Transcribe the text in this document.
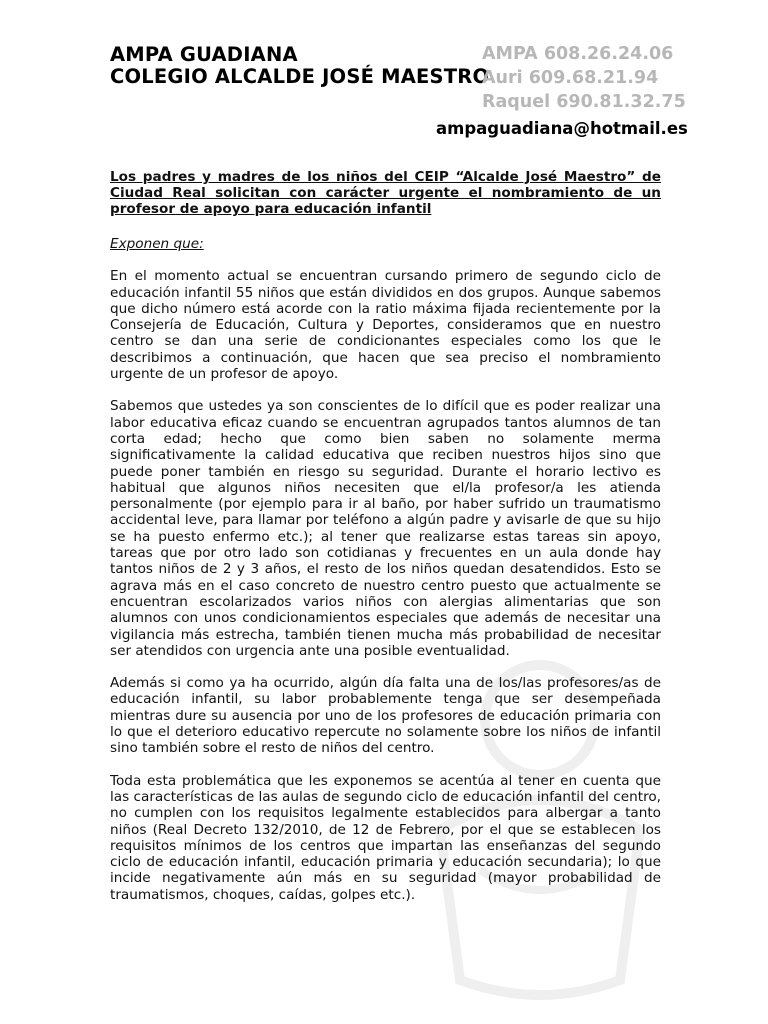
AMPA GUADIANA
COLEGIO ALCALDE JOSÉ MAESTRO
AMPA 608.26.24.06
Auri 609.68.21.94
Raquel 690.81.32.75
ampaguadiana@hotmail.es

Los padres y madres de los niños del CEIP “Alcalde José Maestro” de Ciudad Real solicitan con carácter urgente el nombramiento de un profesor de apoyo para educación infantil

Exponen que:

En el momento actual se encuentran cursando primero de segundo ciclo de educación infantil 55 niños que están divididos en dos grupos. Aunque sabemos que dicho número está acorde con la ratio máxima fijada recientemente por la Consejería de Educación, Cultura y Deportes, consideramos que en nuestro centro se dan una serie de condicionantes especiales como los que le describimos a continuación, que hacen que sea preciso el nombramiento urgente de un profesor de apoyo.

Sabemos que ustedes ya son conscientes de lo difícil que es poder realizar una labor educativa eficaz cuando se encuentran agrupados tantos alumnos de tan corta edad; hecho que como bien saben no solamente merma significativamente la calidad educativa que reciben nuestros hijos sino que puede poner también en riesgo su seguridad. Durante el horario lectivo es habitual que algunos niños necesiten que el/la profesor/a les atienda personalmente (por ejemplo para ir al baño, por haber sufrido un traumatismo accidental leve, para llamar por teléfono a algún padre y avisarle de que su hijo se ha puesto enfermo etc.); al tener que realizarse estas tareas sin apoyo, tareas que por otro lado son cotidianas y frecuentes en un aula donde hay tantos niños de 2 y 3 años, el resto de los niños quedan desatendidos. Esto se agrava más en el caso concreto de nuestro centro puesto que actualmente se encuentran escolarizados varios niños con alergias alimentarias que son alumnos con unos condicionamientos especiales que además de necesitar una vigilancia más estrecha, también tienen mucha más probabilidad de necesitar ser atendidos con urgencia ante una posible eventualidad.

Además si como ya ha ocurrido, algún día falta una de los/las profesores/as de educación infantil, su labor probablemente tenga que ser desempeñada mientras dure su ausencia por uno de los profesores de educación primaria con lo que el deterioro educativo repercute no solamente sobre los niños de infantil sino también sobre el resto de niños del centro.

Toda esta problemática que les exponemos se acentúa al tener en cuenta que las características de las aulas de segundo ciclo de educación infantil del centro, no cumplen con los requisitos legalmente establecidos para albergar a tanto niños (Real Decreto 132/2010, de 12 de Febrero, por el que se establecen los requisitos mínimos de los centros que impartan las enseñanzas del segundo ciclo de educación infantil, educación primaria y educación secundaria); lo que incide negativamente aún más en su seguridad (mayor probabilidad de traumatismos, choques, caídas, golpes etc.).
